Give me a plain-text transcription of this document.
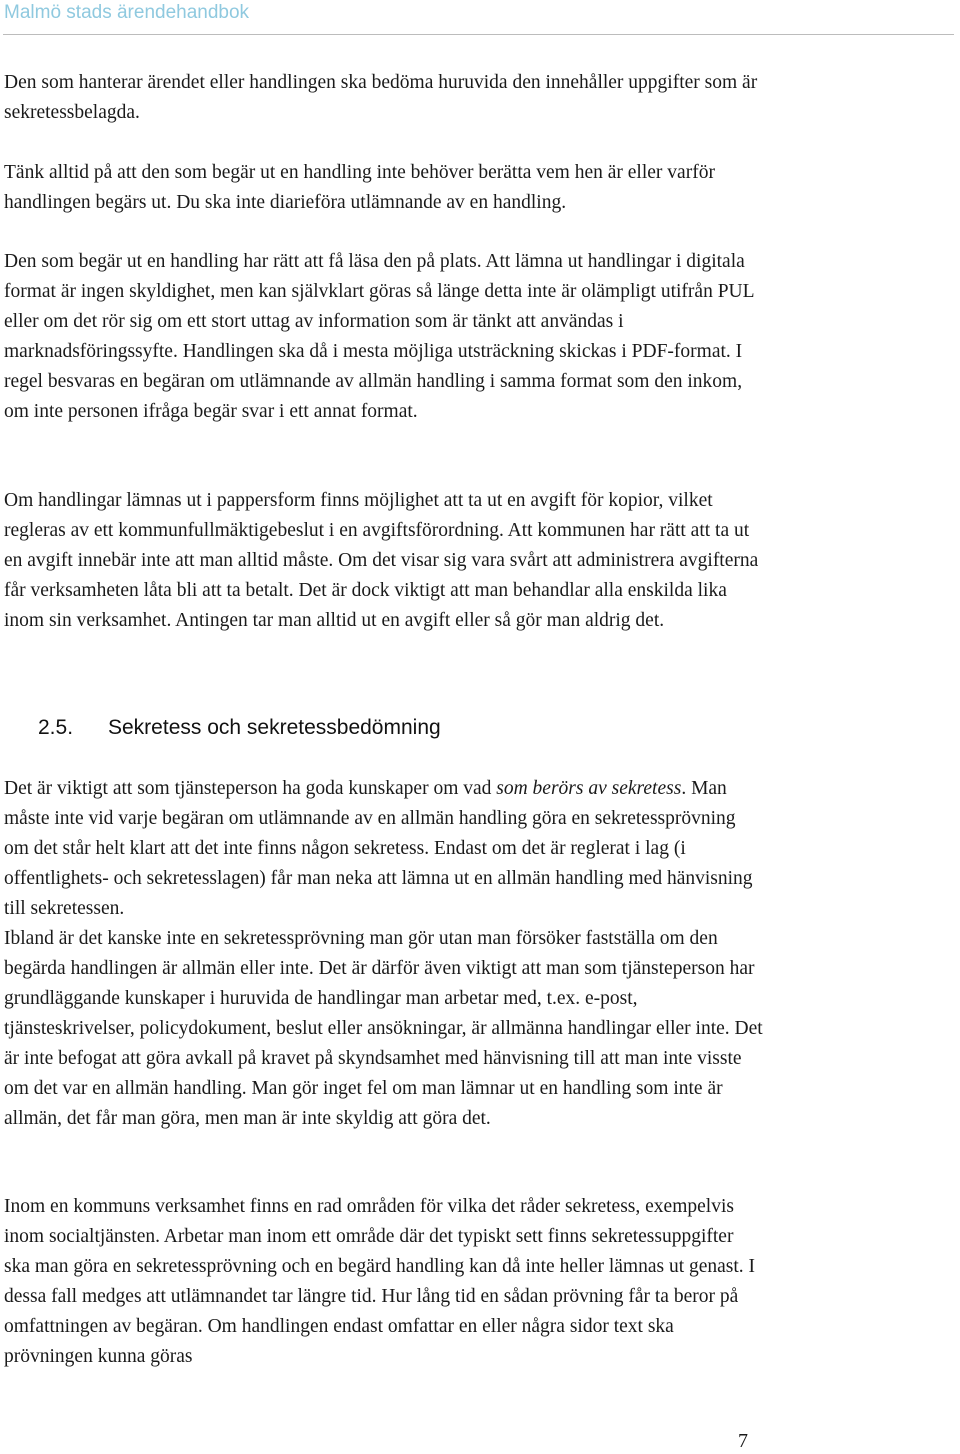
Malmö stads ärendehandbok

Den som hanterar ärendet eller handlingen ska bedöma huruvida den innehåller uppgifter som är sekretessbelagda.

Tänk alltid på att den som begär ut en handling inte behöver berätta vem hen är eller varför handlingen begärs ut. Du ska inte diarieföra utlämnande av en handling.

Den som begär ut en handling har rätt att få läsa den på plats. Att lämna ut handlingar i digitala format är ingen skyldighet, men kan självklart göras så länge detta inte är olämpligt utifrån PUL eller om det rör sig om ett stort uttag av information som är tänkt att användas i marknadsföringssyfte. Handlingen ska då i mesta möjliga utsträckning skickas i PDF-format. I regel besvaras en begäran om utlämnande av allmän handling i samma format som den inkom, om inte personen ifråga begär svar i ett annat format.

Om handlingar lämnas ut i pappersform finns möjlighet att ta ut en avgift för kopior, vilket regleras av ett kommunfullmäktigebeslut i en avgiftsförordning. Att kommunen har rätt att ta ut en avgift innebär inte att man alltid måste. Om det visar sig vara svårt att administrera avgifterna får verksamheten låta bli att ta betalt. Det är dock viktigt att man behandlar alla enskilda lika inom sin verksamhet. Antingen tar man alltid ut en avgift eller så gör man aldrig det.

2.5. Sekretess och sekretessbedömning

Det är viktigt att som tjänsteperson ha goda kunskaper om vad som berörs av sekretess. Man måste inte vid varje begäran om utlämnande av en allmän handling göra en sekretessprövning om det står helt klart att det inte finns någon sekretess. Endast om det är reglerat i lag (i offentlighets- och sekretesslagen) får man neka att lämna ut en allmän handling med hänvisning till sekretessen.

Ibland är det kanske inte en sekretessprövning man gör utan man försöker fastställa om den begärda handlingen är allmän eller inte. Det är därför även viktigt att man som tjänsteperson har grundläggande kunskaper i huruvida de handlingar man arbetar med, t.ex. e-post, tjänsteskrivelser, policydokument, beslut eller ansökningar, är allmänna handlingar eller inte. Det är inte befogat att göra avkall på kravet på skyndsamhet med hänvisning till att man inte visste om det var en allmän handling. Man gör inget fel om man lämnar ut en handling som inte är allmän, det får man göra, men man är inte skyldig att göra det.

Inom en kommuns verksamhet finns en rad områden för vilka det råder sekretess, exempelvis inom socialtjänsten. Arbetar man inom ett område där det typiskt sett finns sekretessuppgifter ska man göra en sekretessprövning och en begärd handling kan då inte heller lämnas ut genast. I dessa fall medges att utlämnandet tar längre tid. Hur lång tid en sådan prövning får ta beror på omfattningen av begäran. Om handlingen endast omfattar en eller några sidor text ska prövningen kunna göras

7
